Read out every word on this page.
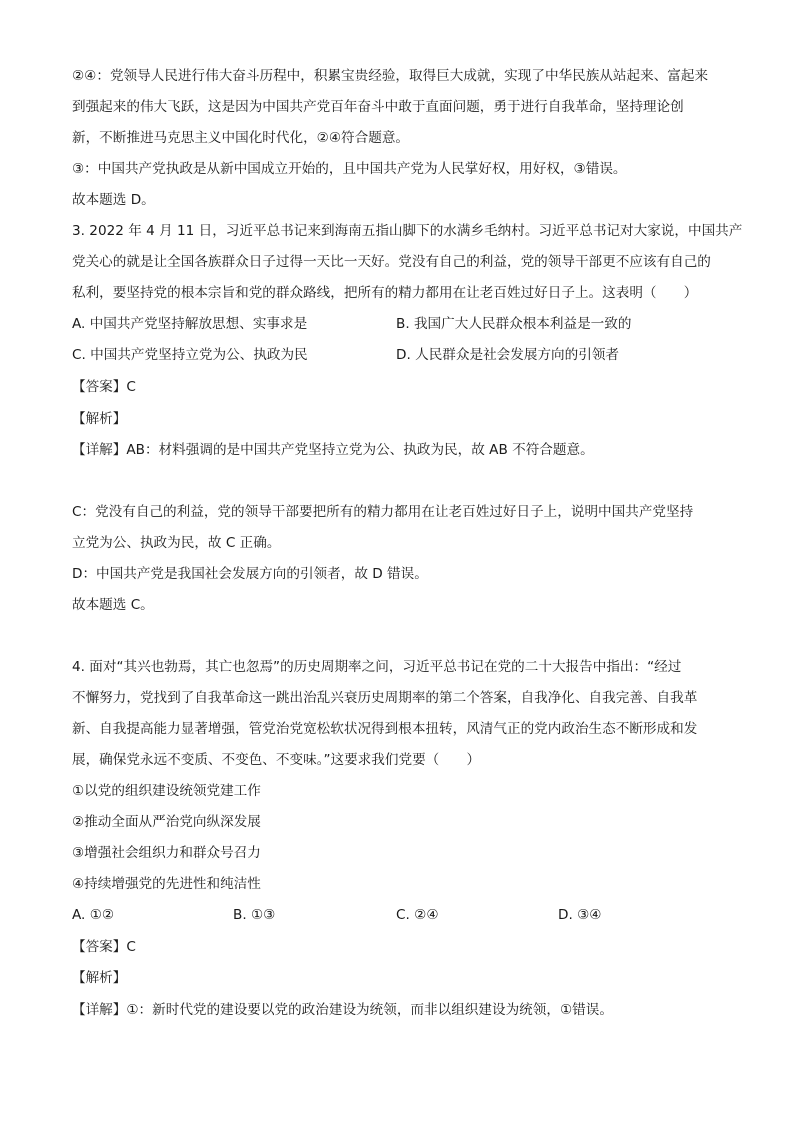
②④：党领导人民进行伟大奋斗历程中，积累宝贵经验，取得巨大成就，实现了中华民族从站起来、富起来
到强起来的伟大飞跃，这是因为中国共产党百年奋斗中敢于直面问题，勇于进行自我革命，坚持理论创
新，不断推进马克思主义中国化时代化，②④符合题意。
③：中国共产党执政是从新中国成立开始的，且中国共产党为人民掌好权，用好权，③错误。
故本题选 D。
3. 2022 年 4 月 11 日，习近平总书记来到海南五指山脚下的水满乡毛纳村。习近平总书记对大家说，中国共产
党关心的就是让全国各族群众日子过得一天比一天好。党没有自己的利益，党的领导干部更不应该有自己的
私利，要坚持党的根本宗旨和党的群众路线，把所有的精力都用在让老百姓过好日子上。这表明（　　）
A. 中国共产党坚持解放思想、实事求是	B. 我国广大人民群众根本利益是一致的
C. 中国共产党坚持立党为公、执政为民	D. 人民群众是社会发展方向的引领者
【答案】C
【解析】
【详解】AB：材料强调的是中国共产党坚持立党为公、执政为民，故 AB 不符合题意。
C：党没有自己的利益，党的领导干部要把所有的精力都用在让老百姓过好日子上，说明中国共产党坚持
立党为公、执政为民，故 C 正确。
D：中国共产党是我国社会发展方向的引领者，故 D 错误。
故本题选 C。
4. 面对“其兴也勃焉，其亡也忽焉”的历史周期率之问，习近平总书记在党的二十大报告中指出：“经过
不懈努力，党找到了自我革命这一跳出治乱兴衰历史周期率的第二个答案，自我净化、自我完善、自我革
新、自我提高能力显著增强，管党治党宽松软状况得到根本扭转，风清气正的党内政治生态不断形成和发
展，确保党永远不变质、不变色、不变味。”这要求我们党要（　　）
①以党的组织建设统领党建工作
②推动全面从严治党向纵深发展
③增强社会组织力和群众号召力
④持续增强党的先进性和纯洁性
A. ①②	B. ①③	C. ②④	D. ③④
【答案】C
【解析】
【详解】①：新时代党的建设要以党的政治建设为统领，而非以组织建设为统领，①错误。
